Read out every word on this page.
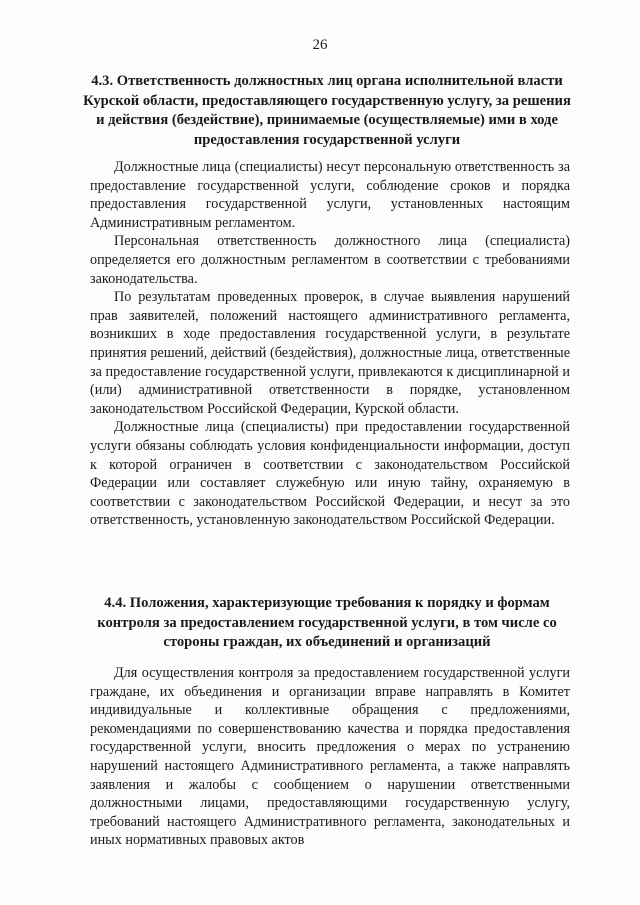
26
4.3. Ответственность должностных лиц органа исполнительной власти Курской области, предоставляющего государственную услугу, за решения и действия (бездействие), принимаемые (осуществляемые) ими в ходе предоставления государственной услуги

Должностные лица (специалисты) несут персональную ответственность за предоставление государственной услуги, соблюдение сроков и порядка предоставления государственной услуги, установленных настоящим Административным регламентом.

Персональная ответственность должностного лица (специалиста) определяется его должностным регламентом в соответствии с требованиями законодательства.

По результатам проведенных проверок, в случае выявления нарушений прав заявителей, положений настоящего административного регламента, возникших в ходе предоставления государственной услуги, в результате принятия решений, действий (бездействия), должностные лица, ответственные за предоставление государственной услуги, привлекаются к дисциплинарной и (или) административной ответственности в порядке, установленном законодательством Российской Федерации, Курской области.

Должностные лица (специалисты) при предоставлении государственной услуги обязаны соблюдать условия конфиденциальности информации, доступ к которой ограничен в соответствии с законодательством Российской Федерации или составляет служебную или иную тайну, охраняемую в соответствии с законодательством Российской Федерации, и несут за это ответственность, установленную законодательством Российской Федерации.

4.4. Положения, характеризующие требования к порядку и формам контроля за предоставлением государственной услуги, в том числе со стороны граждан, их объединений и организаций

Для осуществления контроля за предоставлением государственной услуги граждане, их объединения и организации вправе направлять в Комитет индивидуальные и коллективные обращения с предложениями, рекомендациями по совершенствованию качества и порядка предоставления государственной услуги, вносить предложения о мерах по устранению нарушений настоящего Административного регламента, а также направлять заявления и жалобы с сообщением о нарушении ответственными должностными лицами, предоставляющими государственную услугу, требований настоящего Административного регламента, законодательных и иных нормативных правовых актов
